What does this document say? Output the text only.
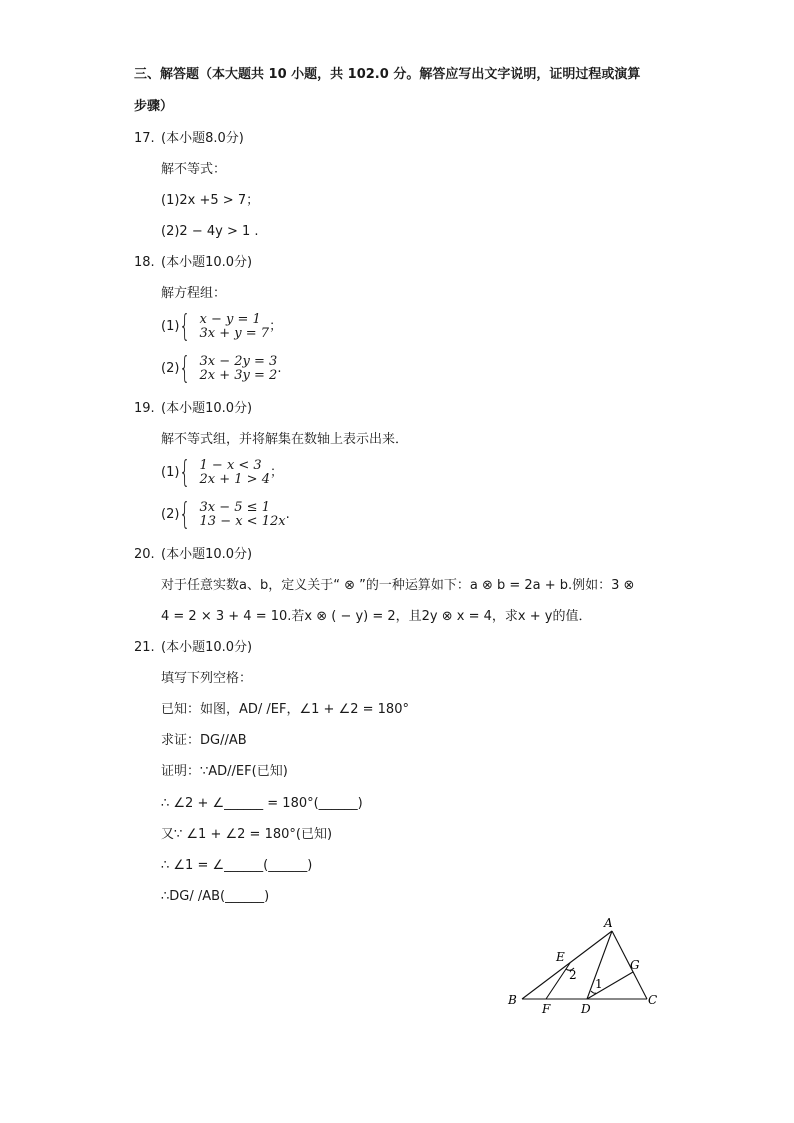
三、解答题（本大题共 10 小题，共 102.0 分。解答应写出文字说明，证明过程或演算
步骤）
17. (本小题8.0分)
解不等式：
(1)2x +5 > 7；
(2)2 − 4y > 1 .
18. (本小题10.0分)
解方程组：
(1) { x − y = 1
3x + y = 7 ；
(2) { 3x − 2y = 3
2x + 3y = 2 .
19. (本小题10.0分)
解不等式组，并将解集在数轴上表示出来．
(1) { 1 − x < 3
2x + 1 > 4 ；
(2) { 3x − 5 ≤ 1
13 − x < 12x .
20. (本小题10.0分)
对于任意实数a、b，定义关于“ ⊗ ”的一种运算如下：a ⊗ b = 2a + b.例如：3 ⊗
4 = 2 × 3 + 4 = 10.若x ⊗ ( − y) = 2，且2y ⊗ x = 4，求x + y的值．
21. (本小题10.0分)
填写下列空格：
已知：如图，AD/ /EF，∠1 + ∠2 = 180°
求证：DG//AB
证明：∵AD//EF(已知)
∴ ∠2 + ∠______ = 180°(______)
又∵ ∠1 + ∠2 = 180°(已知)
∴ ∠1 = ∠______(______)
∴DG/ /AB(______)
A
B	C
D
E
F
G
1
2
